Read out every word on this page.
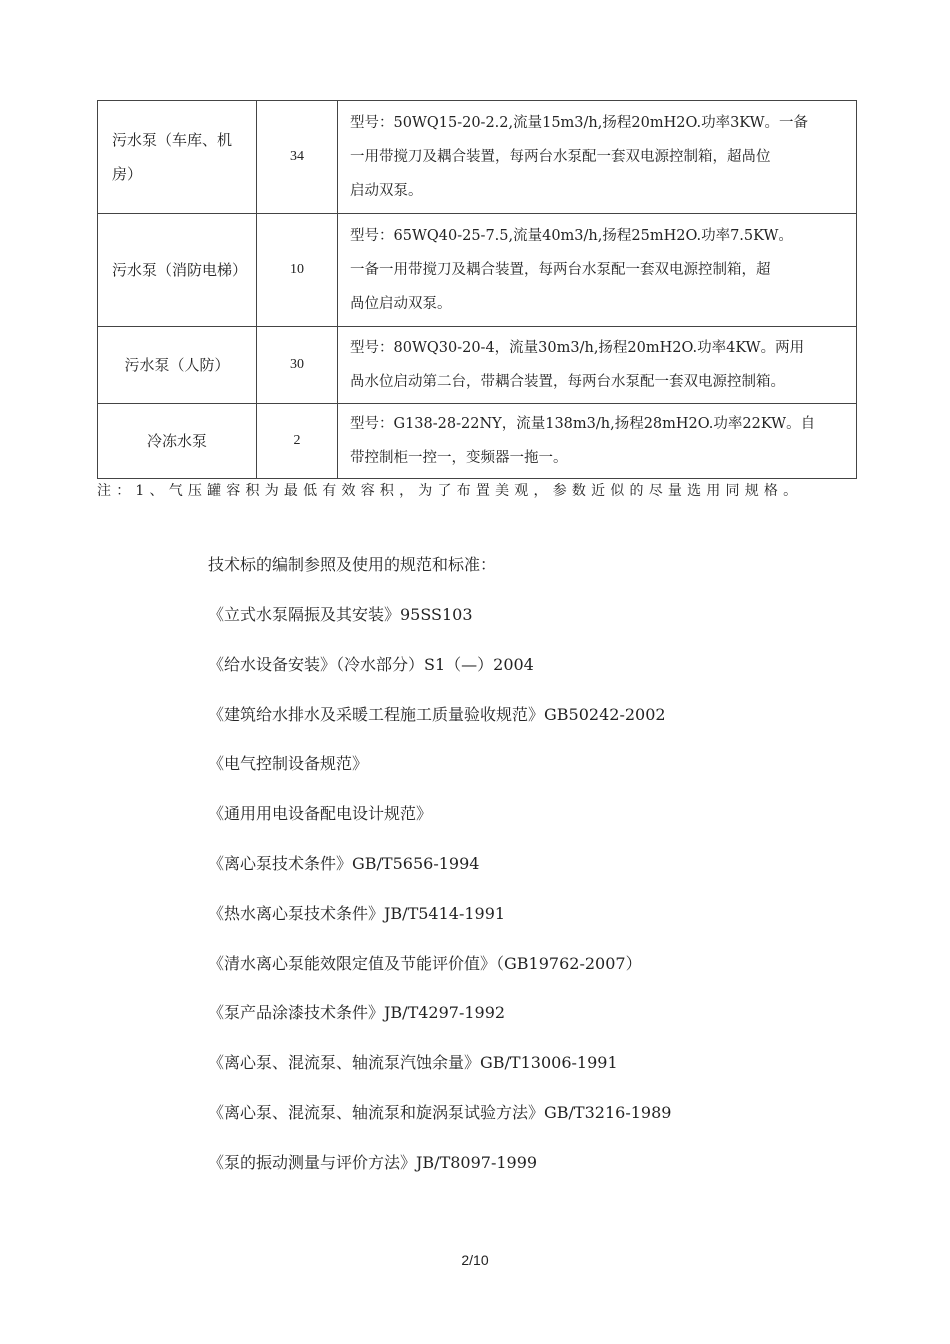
污水泵（车库、机房）	34	型号：50WQ15-20-2.2,流量15m3/h,扬程20mH2O.功率3KW。一备
一用带搅刀及耦合装置，每两台水泵配一套双电源控制箱，超咼位
启动双泵。

污水泵（消防电梯）	10	型号：65WQ40-25-7.5,流量40m3/h,扬程25mH2O.功率7.5KW。
一备一用带搅刀及耦合装置，每两台水泵配一套双电源控制箱，超
咼位启动双泵。

污水泵（人防）	30	型号：80WQ30-20-4，流量30m3/h,扬程20mH2O.功率4KW。两用
咼水位启动第二台，带耦合装置，每两台水泵配一套双电源控制箱。

冷冻水泵	2	型号：G138-28-22NY，流量138m3/h,扬程28mH2O.功率22KW。自
带控制柜一控一，变频器一拖一。
注：1、气压罐容积为最低有效容积，为了布置美观，参数近似的尽量选用同规格。
技术标的编制参照及使用的规范和标准：
《立式水泵隔振及其安装》95SS103
《给水设备安装》（冷水部分）S1（—）2004
《建筑给水排水及采暖工程施工质量验收规范》GB50242-2002
《电气控制设备规范》
《通用用电设备配电设计规范》
《离心泵技术条件》GB/T5656-1994
《热水离心泵技术条件》JB/T5414-1991
《清水离心泵能效限定值及节能评价值》（GB19762-2007）
《泵产品涂漆技术条件》JB/T4297-1992
《离心泵、混流泵、轴流泵汽蚀余量》GB/T13006-1991
《离心泵、混流泵、轴流泵和旋涡泵试验方法》GB/T3216-1989
《泵的振动测量与评价方法》JB/T8097-1999
2/10
